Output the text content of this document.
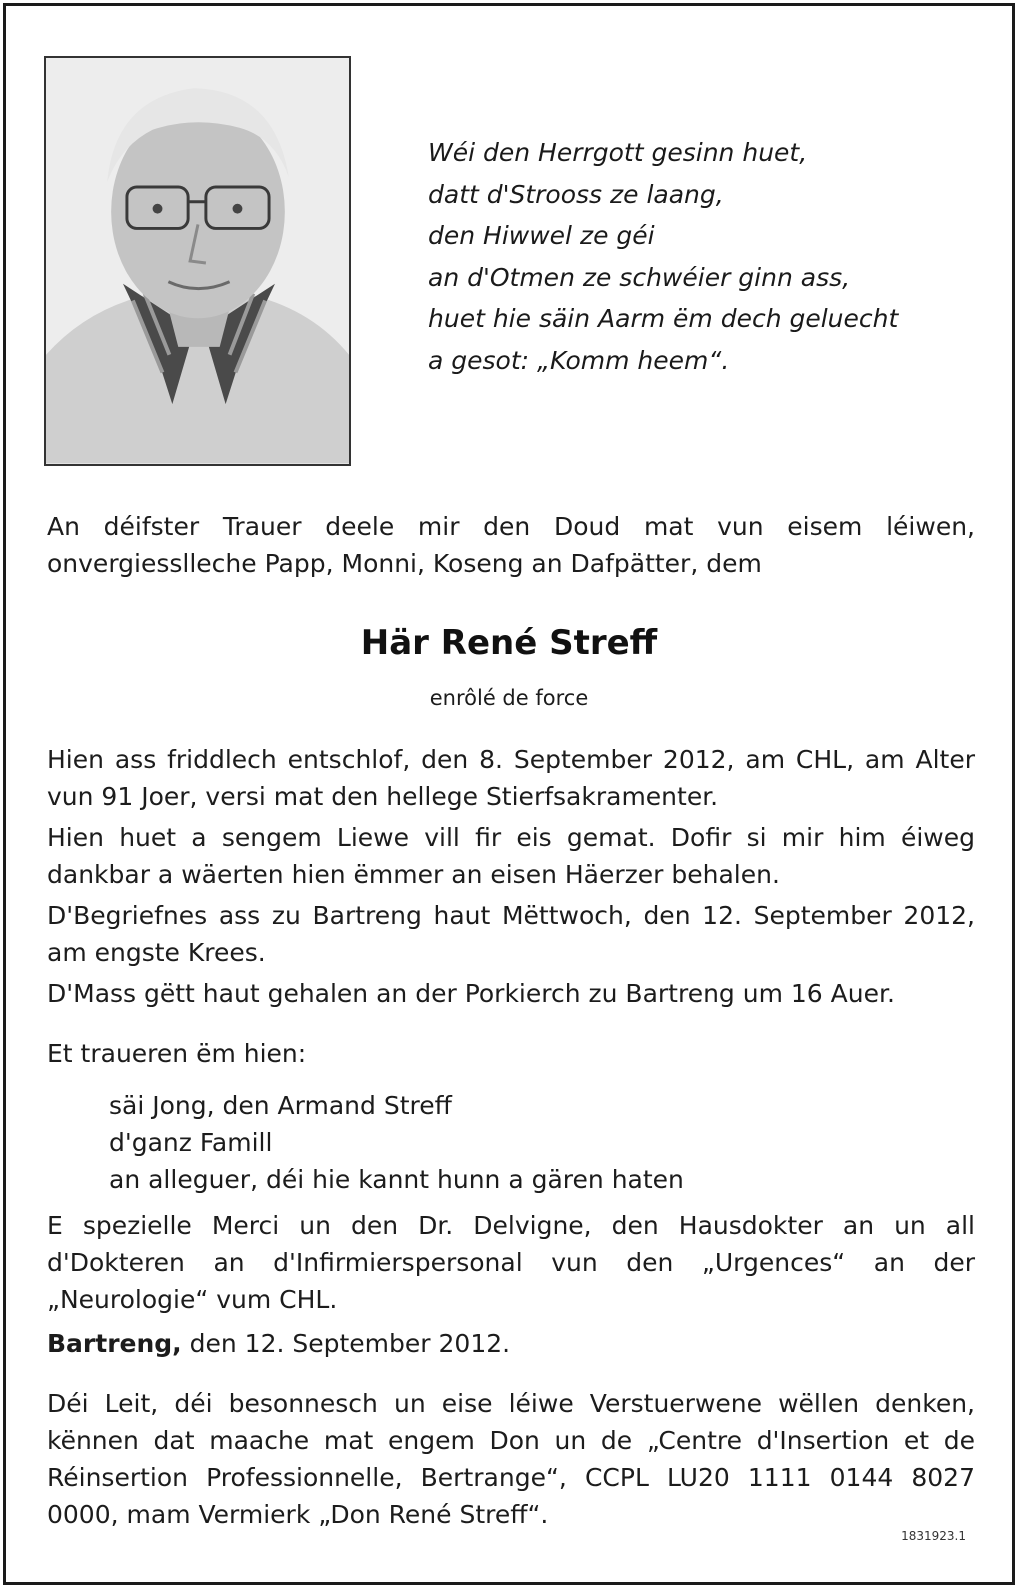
Wéi den Herrgott gesinn huet,
datt d'Strooss ze laang,
den Hiwwel ze géi
an d'Otmen ze schwéier ginn ass,
huet hie säin Aarm ëm dech geluecht
a gesot: „Komm heem“.
An déifster Trauer deele mir den Doud mat vun eisem léiwen, onvergiesslleche Papp, Monni, Koseng an Dafpätter, dem
Här René Streff
enrôlé de force
Hien ass friddlech entschlof, den 8. September 2012, am CHL, am Alter vun 91 Joer, versi mat den hellege Stierfsakramenter.
Hien huet a sengem Liewe vill fir eis gemat. Dofir si mir him éiweg dankbar a wäerten hien ëmmer an eisen Häerzer behalen.
D'Begriefnes ass zu Bartreng haut Mëttwoch, den 12. September 2012, am engste Krees.
D'Mass gëtt haut gehalen an der Porkierch zu Bartreng um 16 Auer.
Et traueren ëm hien:
säi Jong, den Armand Streff
d'ganz Famill
an alleguer, déi hie kannt hunn a gären haten
E spezielle Merci un den Dr. Delvigne, den Hausdokter an un all d'Dokteren an d'Infirmierspersonal vun den „Urgences“ an der „Neurologie“ vum CHL.
Bartreng, den 12. September 2012.
Déi Leit, déi besonnesch un eise léiwe Verstuerwene wëllen denken, kënnen dat maache mat engem Don un de „Centre d'Insertion et de Réinsertion Professionnelle, Bertrange“, CCPL LU20 1111 0144 8027 0000, mam Vermierk „Don René Streff“.
1831923.1
